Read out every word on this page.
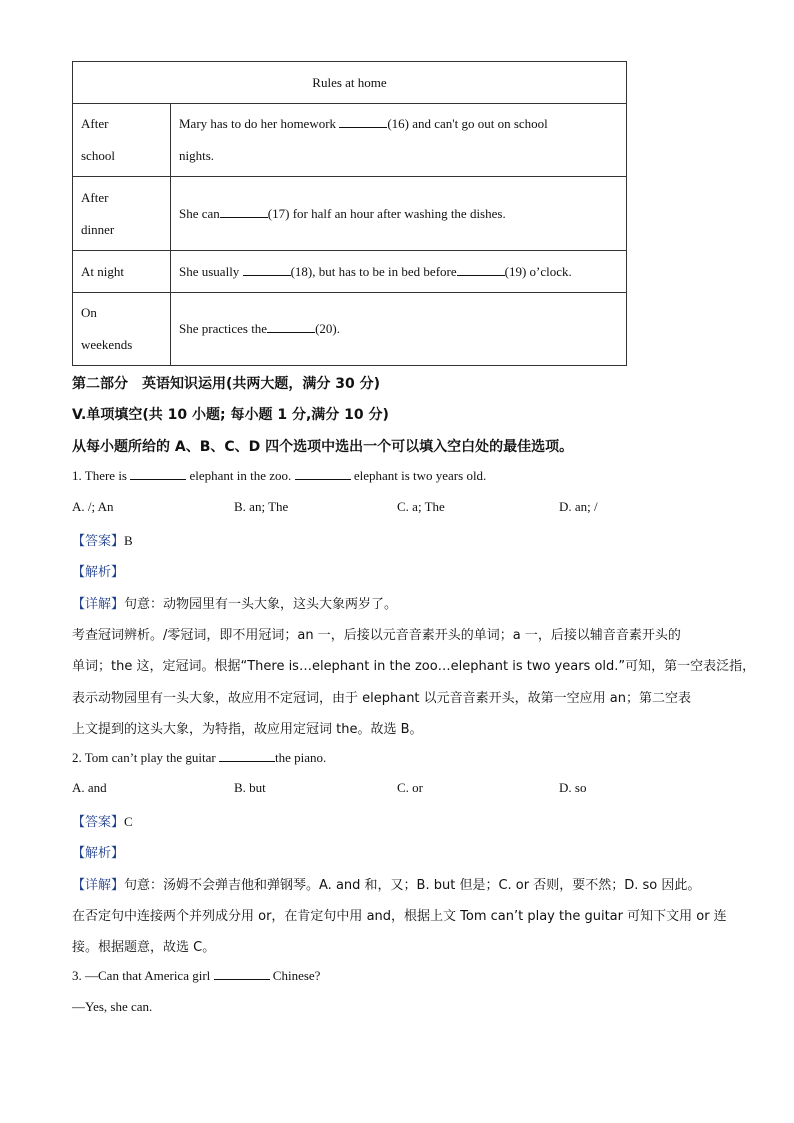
Rules at home	
After
school	Mary has to do her homework (16) and can't go out on school
nights.
After
dinner	She can (17) for half an hour after washing the dishes.
At night	She usually (18), but has to be in bed before (19) o’clock.
On
weekends	She practices the (20).
第二部分　英语知识运用(共两大题，满分 30 分)
V.单项填空(共 10 小题; 每小题 1 分,满分 10 分)
从每小题所给的 A、B、C、D 四个选项中选出一个可以填入空白处的最佳选项。
1. There is	elephant in the zoo.	elephant is two years old.
A. /; An	B. an; The	C. a; The	D. an; /
【答案】B
【解析】
【详解】句意：动物园里有一头大象，这头大象两岁了。
考查冠词辨析。/零冠词，即不用冠词；an 一，后接以元音音素开头的单词；a 一，后接以辅音音素开头的
单词；the 这，定冠词。根据“There is…elephant in the zoo…elephant is two years old.”可知，第一空表泛指，
表示动物园里有一头大象，故应用不定冠词，由于 elephant 以元音音素开头，故第一空应用 an；第二空表
上文提到的这头大象，为特指，故应用定冠词 the。故选 B。
2. Tom can’t play the guitar	the piano.
A. and	B. but	C. or	D. so
【答案】C
【解析】
【详解】句意：汤姆不会弹吉他和弹钢琴。A. and 和，又；B. but 但是；C. or 否则，要不然；D. so 因此。
在否定句中连接两个并列成分用 or，在肯定句中用 and，根据上文 Tom can’t play the guitar 可知下文用 or 连
接。根据题意，故选 C。
3. —Can that America girl	Chinese?
—Yes, she can.
